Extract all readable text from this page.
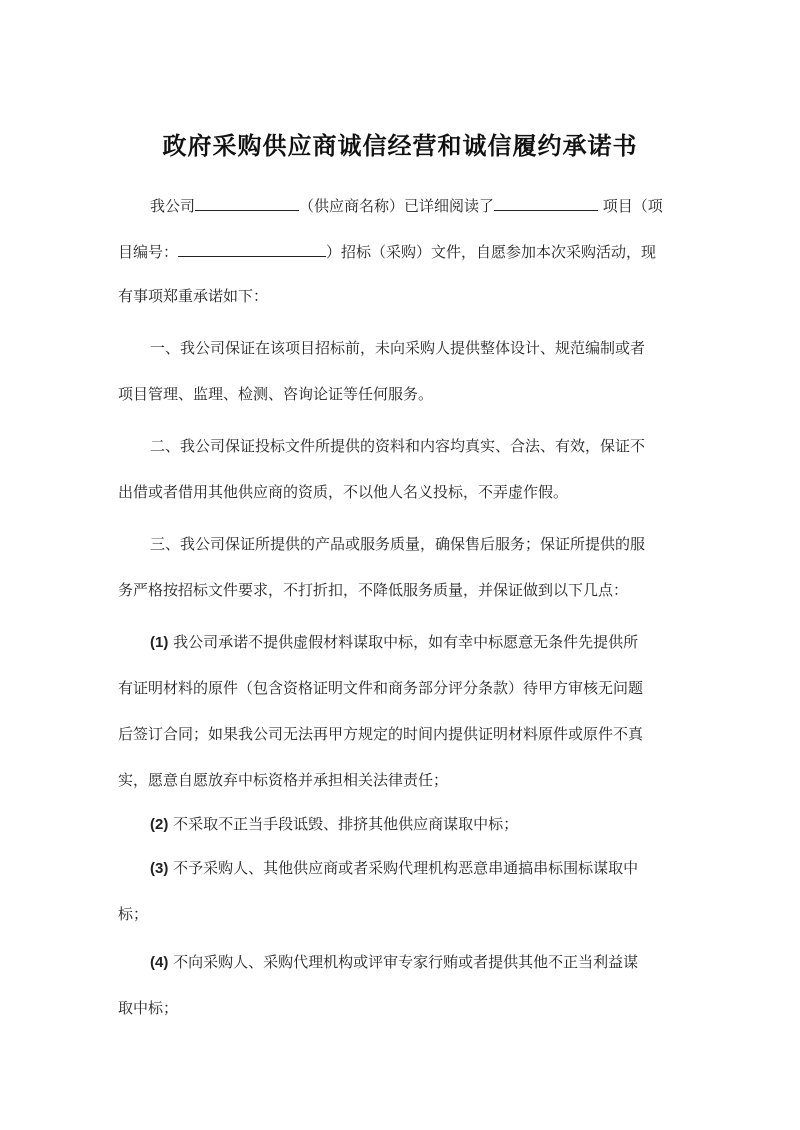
政府采购供应商诚信经营和诚信履约承诺书
我公司	（供应商名称）已详细阅读了	项目（项
目编号：	）招标（采购）文件，自愿参加本次采购活动，现
有事项郑重承诺如下：
一、我公司保证在该项目招标前，未向采购人提供整体设计、规范编制或者
项目管理、监理、检测、咨询论证等任何服务。
二、我公司保证投标文件所提供的资料和内容均真实、合法、有效，保证不
出借或者借用其他供应商的资质，不以他人名义投标，不弄虚作假。
三、我公司保证所提供的产品或服务质量，确保售后服务；保证所提供的服
务严格按招标文件要求，不打折扣，不降低服务质量，并保证做到以下几点：
(1) 我公司承诺不提供虚假材料谋取中标，如有幸中标愿意无条件先提供所
有证明材料的原件（包含资格证明文件和商务部分评分条款）待甲方审核无问题
后签订合同；如果我公司无法再甲方规定的时间内提供证明材料原件或原件不真
实，愿意自愿放弃中标资格并承担相关法律责任；
(2) 不采取不正当手段诋毁、排挤其他供应商谋取中标；
(3) 不予采购人、其他供应商或者采购代理机构恶意串通搞串标围标谋取中
标；
(4) 不向采购人、采购代理机构或评审专家行贿或者提供其他不正当利益谋
取中标；
